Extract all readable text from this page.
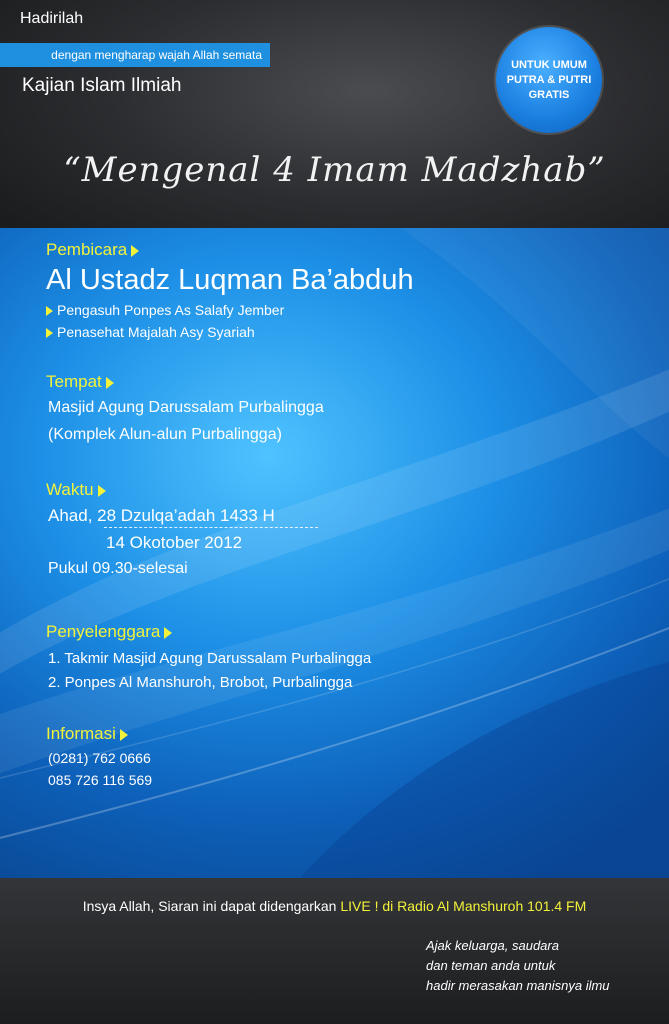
Hadirilah
dengan mengharap wajah Allah semata
Kajian Islam Ilmiah
UNTUK UMUM
PUTRA & PUTRI
GRATIS
“Mengenal 4 Imam Madzhab”
Pembicara
Al Ustadz Luqman Ba’abduh
Pengasuh Ponpes As Salafy Jember
Penasehat Majalah Asy Syariah
Tempat
Masjid Agung Darussalam Purbalingga
(Komplek Alun-alun Purbalingga)
Waktu
Ahad, 28 Dzulqa’adah 1433 H
14 Okotober 2012
Pukul 09.30-selesai
Penyelenggara
1. Takmir Masjid Agung Darussalam Purbalingga
2. Ponpes Al Manshuroh, Brobot, Purbalingga
Informasi
(0281) 762 0666
085 726 116 569
Insya Allah, Siaran ini dapat didengarkan LIVE ! di Radio Al Manshuroh 101.4 FM
Ajak keluarga, saudara
dan teman anda untuk
hadir merasakan manisnya ilmu
